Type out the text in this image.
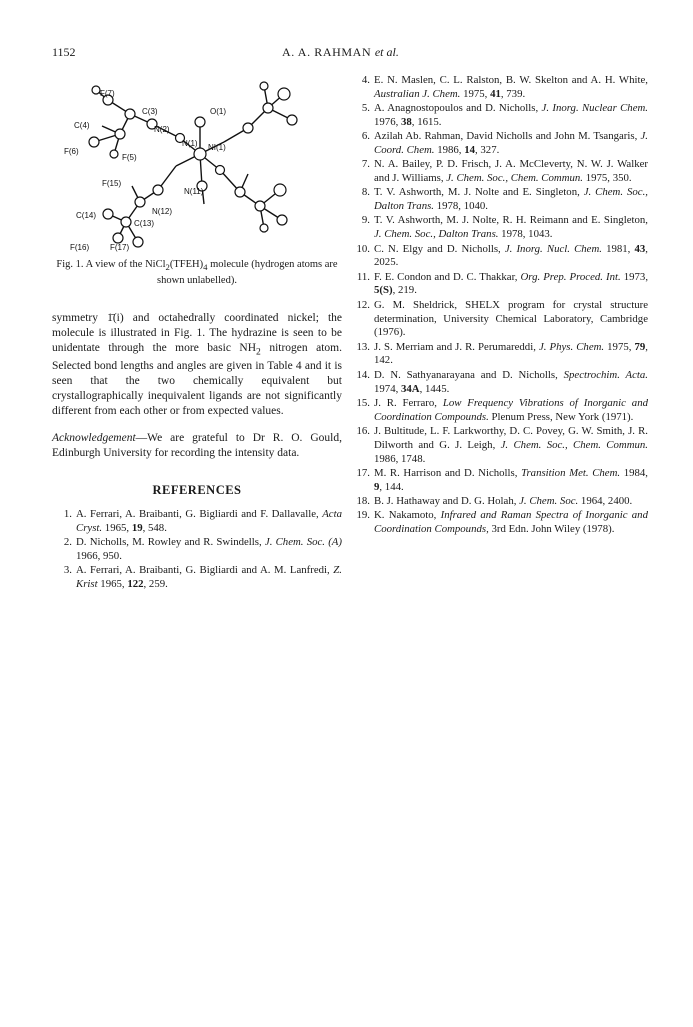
1152	A. A. RAHMAN et al.
F(7)
C(3)
C(4)	N(2)
O(1)
F(6)
F(5)
N(1) NI(1)
F(15)
N(11)
N(12)
C(14)
C(13)
F(16)	F(17)
Fig. 1. A view of the $NiCl_2(TFEH)_4$ molecule (hydrogen atoms are shown unlabelled).

symmetry 1̄(i) and octahedrally coordinated nickel; the molecule is illustrated in Fig. 1. The hydrazine is seen to be unidentate through the more basic $NH_2$ nitrogen atom. Selected bond lengths and angles are given in Table 4 and it is seen that the two chemically equivalent but crystallographically inequivalent ligands are not significantly different from each other or from expected values.

Acknowledgement—We are grateful to Dr R. O. Gould, Edinburgh University for recording the intensity data.

REFERENCES
1. A. Ferrari, A. Braibanti, G. Bigliardi and F. Dallavalle, Acta Cryst. 1965, 19, 548.
2. D. Nicholls, M. Rowley and R. Swindells, J. Chem. Soc. (A) 1966, 950.
3. A. Ferrari, A. Braibanti, G. Bigliardi and A. M. Lanfredi, Z. Krist 1965, 122, 259.
4. E. N. Maslen, C. L. Ralston, B. W. Skelton and A. H. White, Australian J. Chem. 1975, 41, 739.
5. A. Anagnostopoulos and D. Nicholls, J. Inorg. Nuclear Chem. 1976, 38, 1615.
6. Azilah Ab. Rahman, David Nicholls and John M. Tsangaris, J. Coord. Chem. 1986, 14, 327.
7. N. A. Bailey, P. D. Frisch, J. A. McCleverty, N. W. J. Walker and J. Williams, J. Chem. Soc., Chem. Commun. 1975, 350.
8. T. V. Ashworth, M. J. Nolte and E. Singleton, J. Chem. Soc., Dalton Trans. 1978, 1040.
9. T. V. Ashworth, M. J. Nolte, R. H. Reimann and E. Singleton, J. Chem. Soc., Dalton Trans. 1978, 1043.
10. C. N. Elgy and D. Nicholls, J. Inorg. Nucl. Chem. 1981, 43, 2025.
11. F. E. Condon and D. C. Thakkar, Org. Prep. Proced. Int. 1973, 5(S), 219.
12. G. M. Sheldrick, SHELX program for crystal structure determination, University Chemical Laboratory, Cambridge (1976).
13. J. S. Merriam and J. R. Perumareddi, J. Phys. Chem. 1975, 79, 142.
14. D. N. Sathyanarayana and D. Nicholls, Spectrochim. Acta. 1974, 34A, 1445.
15. J. R. Ferraro, Low Frequency Vibrations of Inorganic and Coordination Compounds. Plenum Press, New York (1971).
16. J. Bultitude, L. F. Larkworthy, D. C. Povey, G. W. Smith, J. R. Dilworth and G. J. Leigh, J. Chem. Soc., Chem. Commun. 1986, 1748.
17. M. R. Harrison and D. Nicholls, Transition Met. Chem. 1984, 9, 144.
18. B. J. Hathaway and D. G. Holah, J. Chem. Soc. 1964, 2400.
19. K. Nakamoto, Infrared and Raman Spectra of Inorganic and Coordination Compounds, 3rd Edn. John Wiley (1978).
